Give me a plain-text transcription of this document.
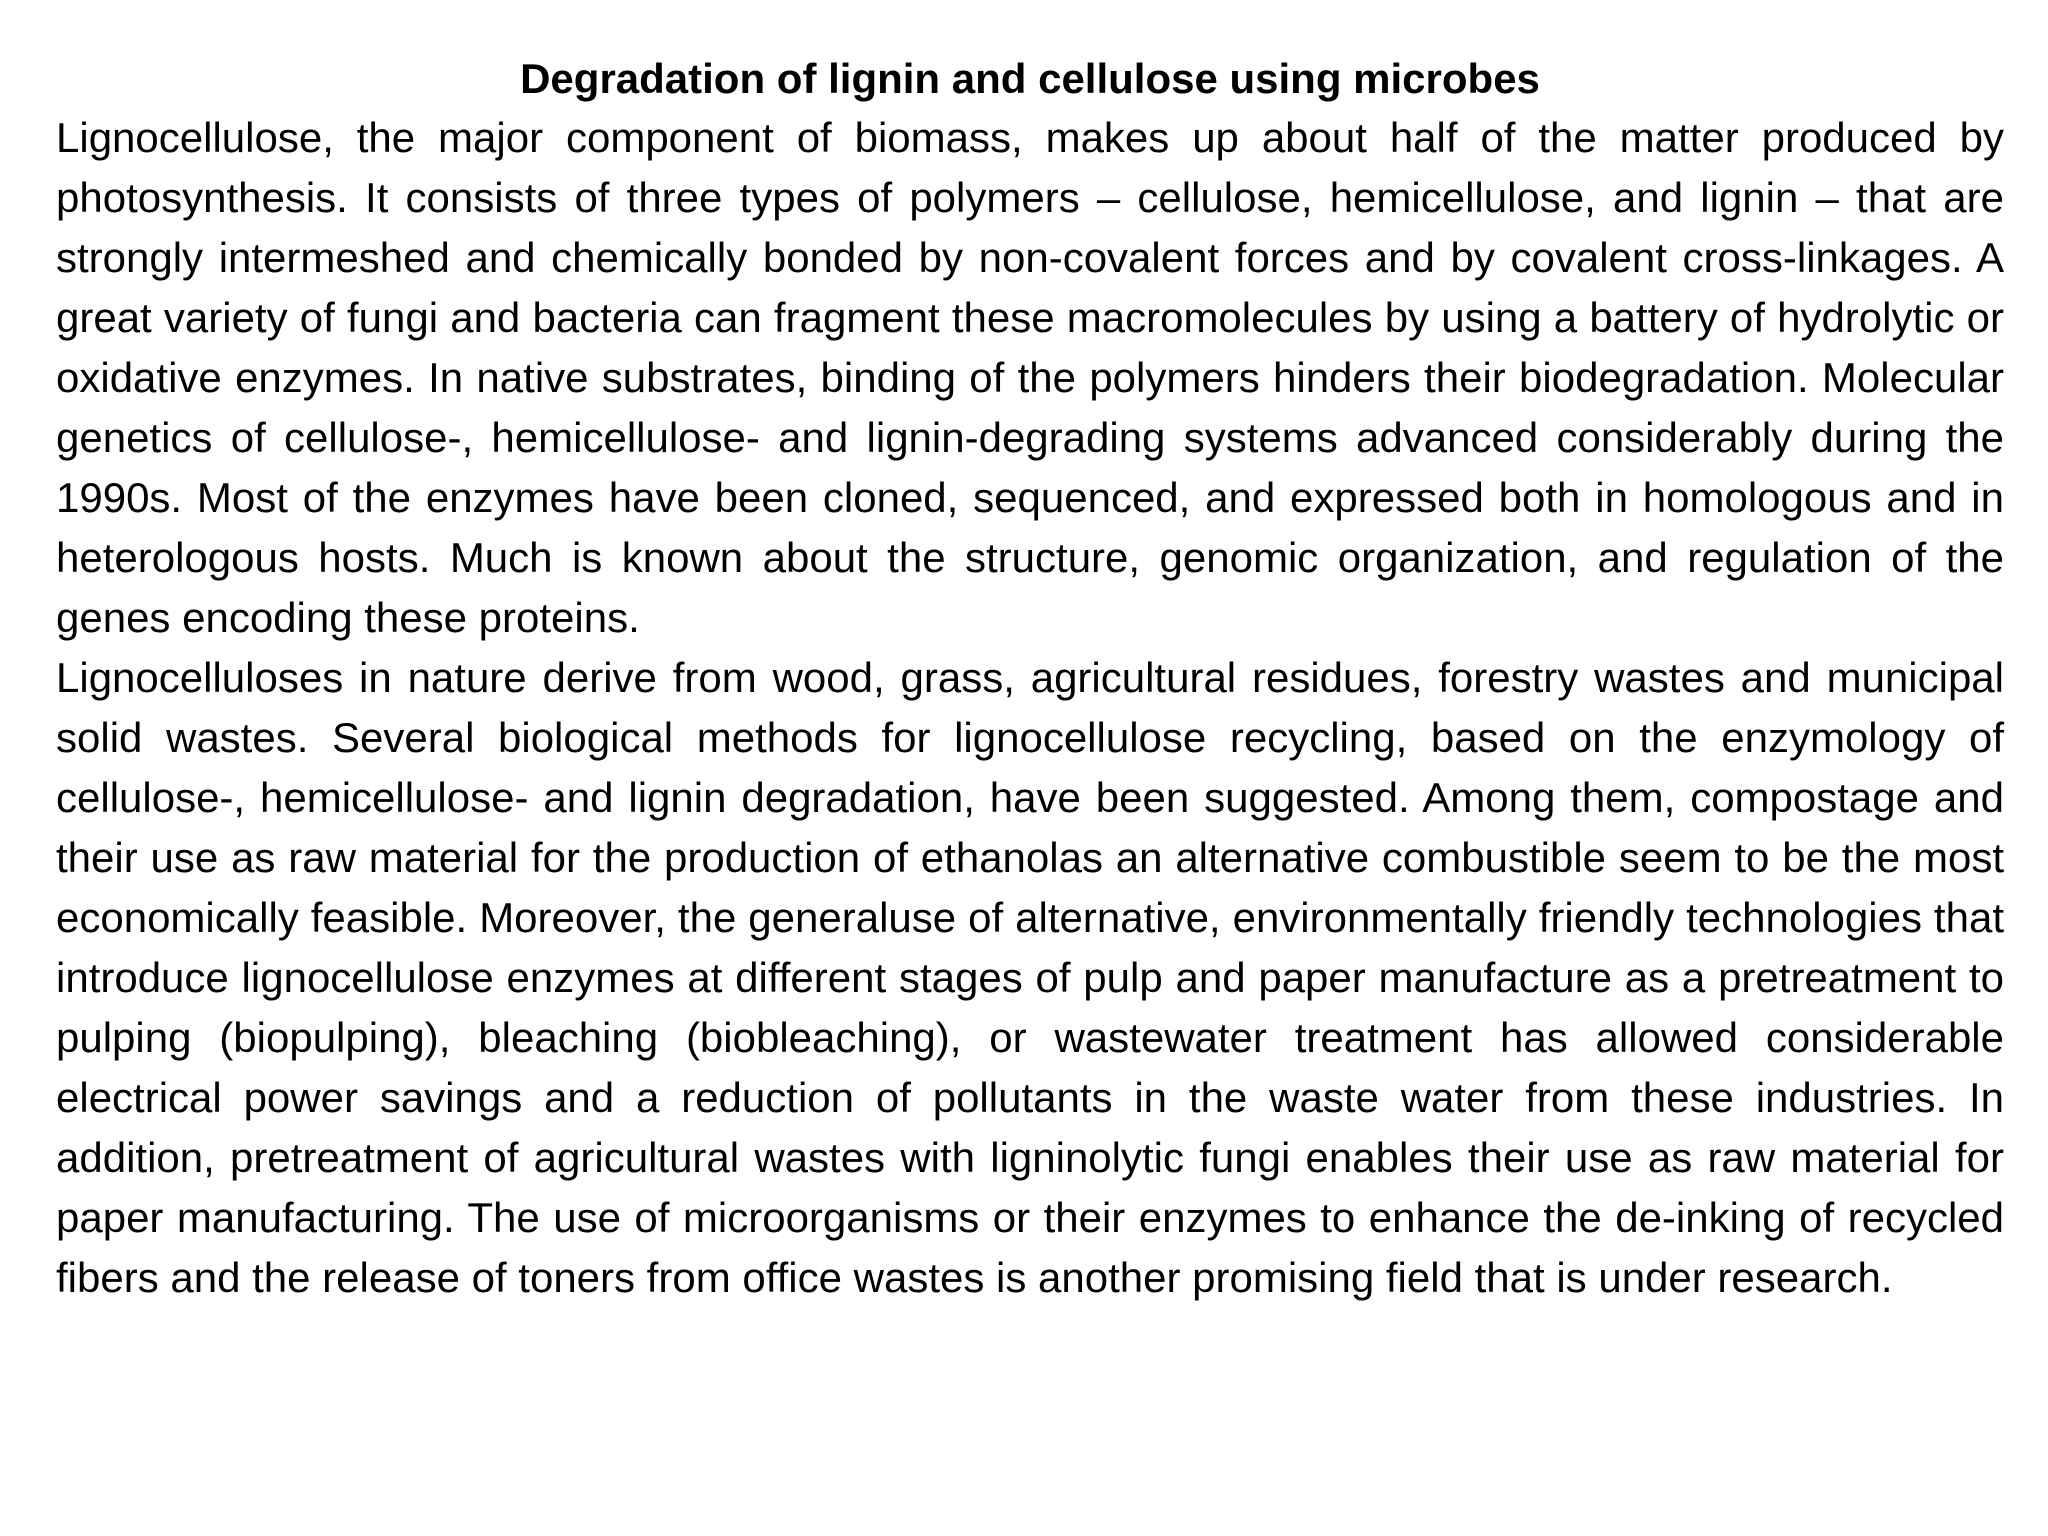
Degradation of lignin and cellulose using microbes

Lignocellulose, the major component of biomass, makes up about half of the matter produced by photosynthesis. It consists of three types of polymers – cellulose, hemicellulose, and lignin – that are strongly intermeshed and chemically bonded by non-covalent forces and by covalent cross-linkages. A great variety of fungi and bacteria can fragment these macromolecules by using a battery of hydrolytic or oxidative enzymes. In native substrates, binding of the polymers hinders their biodegradation. Molecular genetics of cellulose-, hemicellulose- and lignin-degrading systems advanced considerably during the 1990s. Most of the enzymes have been cloned, sequenced, and expressed both in homologous and in heterologous hosts. Much is known about the structure, genomic organization, and regulation of the genes encoding these proteins.

Lignocelluloses in nature derive from wood, grass, agricultural residues, forestry wastes and municipal solid wastes. Several biological methods for lignocellulose recycling, based on the enzymology of cellulose-, hemicellulose- and lignin degradation, have been suggested. Among them, compostage and their use as raw material for the production of ethanolas an alternative combustible seem to be the most economically feasible. Moreover, the generaluse of alternative, environmentally friendly technologies that introduce lignocellulose enzymes at different stages of pulp and paper manufacture as a pretreatment to pulping (biopulping), bleaching (biobleaching), or wastewater treatment has allowed considerable electrical power savings and a reduction of pollutants in the waste water from these industries. In addition, pretreatment of agricultural wastes with ligninolytic fungi enables their use as raw material for paper manufacturing. The use of microorganisms or their enzymes to enhance the de-inking of recycled fibers and the release of toners from office wastes is another promising field that is under research.
